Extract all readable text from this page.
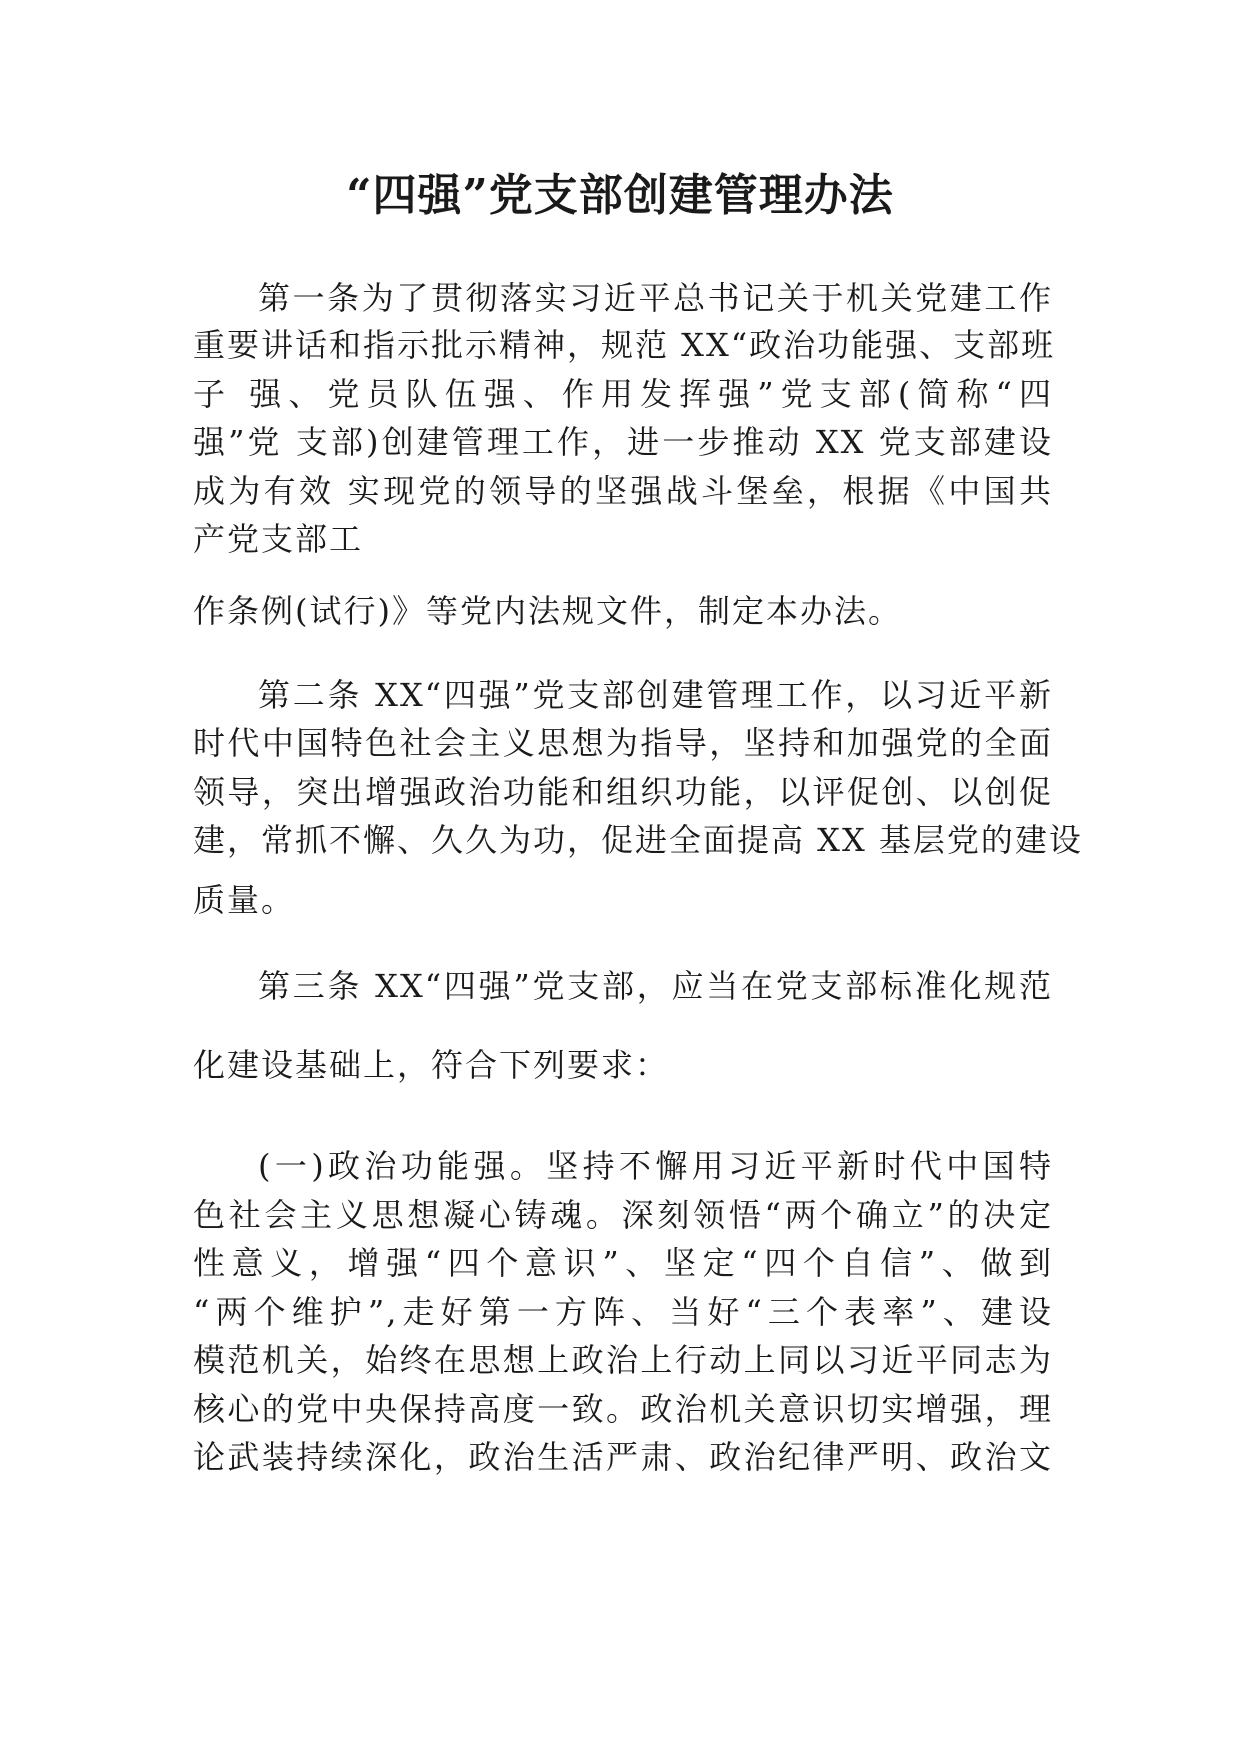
“四强”党支部创建管理办法
第一条为了贯彻落实习近平总书记关于机关党建工作
重要讲话和指示批示精神，规范 XX“政治功能强、支部班
子 强、党员队伍强、作用发挥强”党支部(简称“四
强”党 支部)创建管理工作，进一步推动 XX 党支部建设
成为有效 实现党的领导的坚强战斗堡垒，根据《中国共
产党支部工
作条例(试行)》等党内法规文件，制定本办法。
第二条 XX“四强”党支部创建管理工作，以习近平新
时代中国特色社会主义思想为指导，坚持和加强党的全面
领导，突出增强政治功能和组织功能，以评促创、以创促
建，常抓不懈、久久为功，促进全面提高 XX 基层党的建设
质量。
第三条 XX“四强”党支部，应当在党支部标准化规范
化建设基础上，符合下列要求：
(一)政治功能强。坚持不懈用习近平新时代中国特
色社会主义思想凝心铸魂。深刻领悟“两个确立”的决定
性意义，增强“四个意识”、坚定“四个自信”、做到
“两个维护”,走好第一方阵、当好“三个表率”、建设
模范机关，始终在思想上政治上行动上同以习近平同志为
核心的党中央保持高度一致。政治机关意识切实增强，理
论武装持续深化，政治生活严肃、政治纪律严明、政治文
